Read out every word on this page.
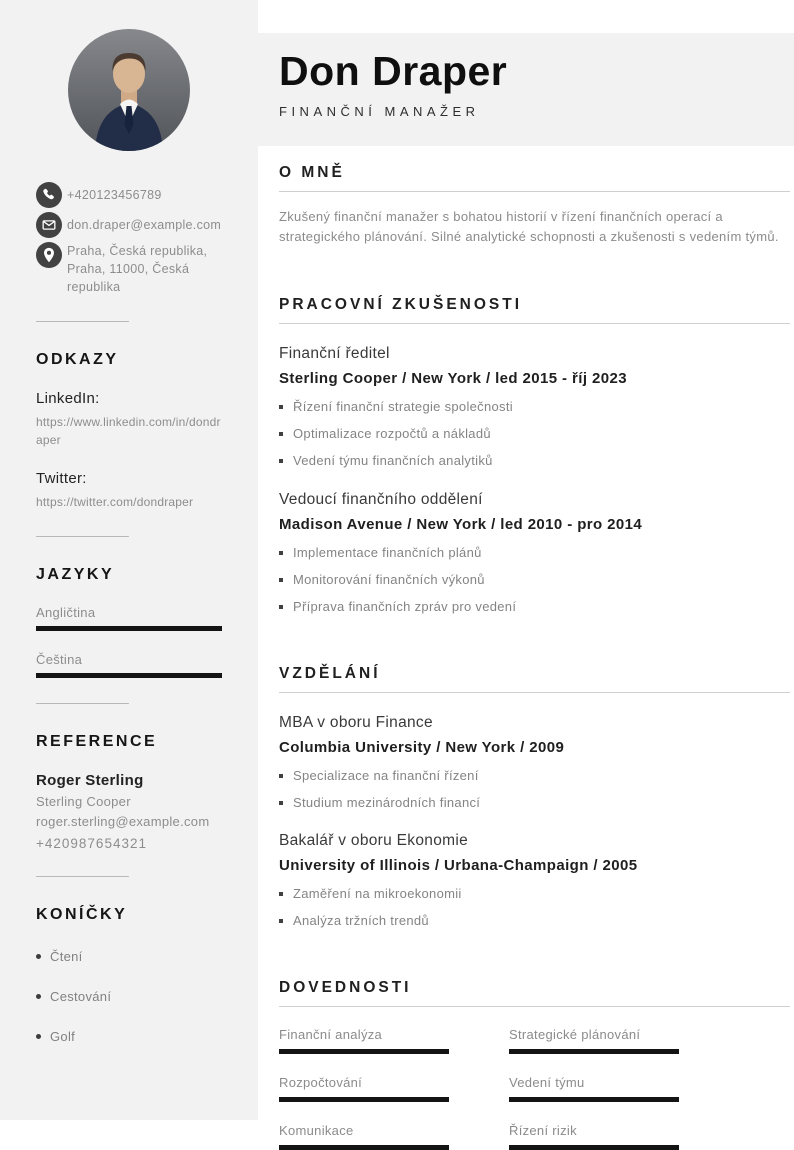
+420123456789
don.draper@example.com
Praha, Česká republika, Praha, 11000, Česká republika
ODKAZY
LinkedIn:
https://www.linkedin.com/in/dondraper
Twitter:
https://twitter.com/dondraper
JAZYKY
Angličtina
Čeština
REFERENCE
Roger Sterling
Sterling Cooper
roger.sterling@example.com
+420987654321
KONÍČKY
Čtení
Cestování
Golf
Don Draper
FINANČNÍ MANAŽER
O MNĚ

Zkušený finanční manažer s bohatou historií v řízení finančních operací a strategického plánování. Silné analytické schopnosti a zkušenosti s vedením týmů.

PRACOVNÍ ZKUŠENOSTI
Finanční ředitel
Sterling Cooper / New York / led 2015 - říj 2023
Řízení finanční strategie společnosti
Optimalizace rozpočtů a nákladů
Vedení týmu finančních analytiků
Vedoucí finančního oddělení
Madison Avenue / New York / led 2010 - pro 2014
Implementace finančních plánů
Monitorování finančních výkonů
Příprava finančních zpráv pro vedení
VZDĚLÁNÍ
MBA v oboru Finance
Columbia University / New York / 2009
Specializace na finanční řízení
Studium mezinárodních financí
Bakalář v oboru Ekonomie
University of Illinois / Urbana-Champaign / 2005
Zaměření na mikroekonomii
Analýza tržních trendů
DOVEDNOSTI
Finanční analýza	Strategické plánování
Rozpočtování	Vedení týmu
Komunikace	Řízení rizik
